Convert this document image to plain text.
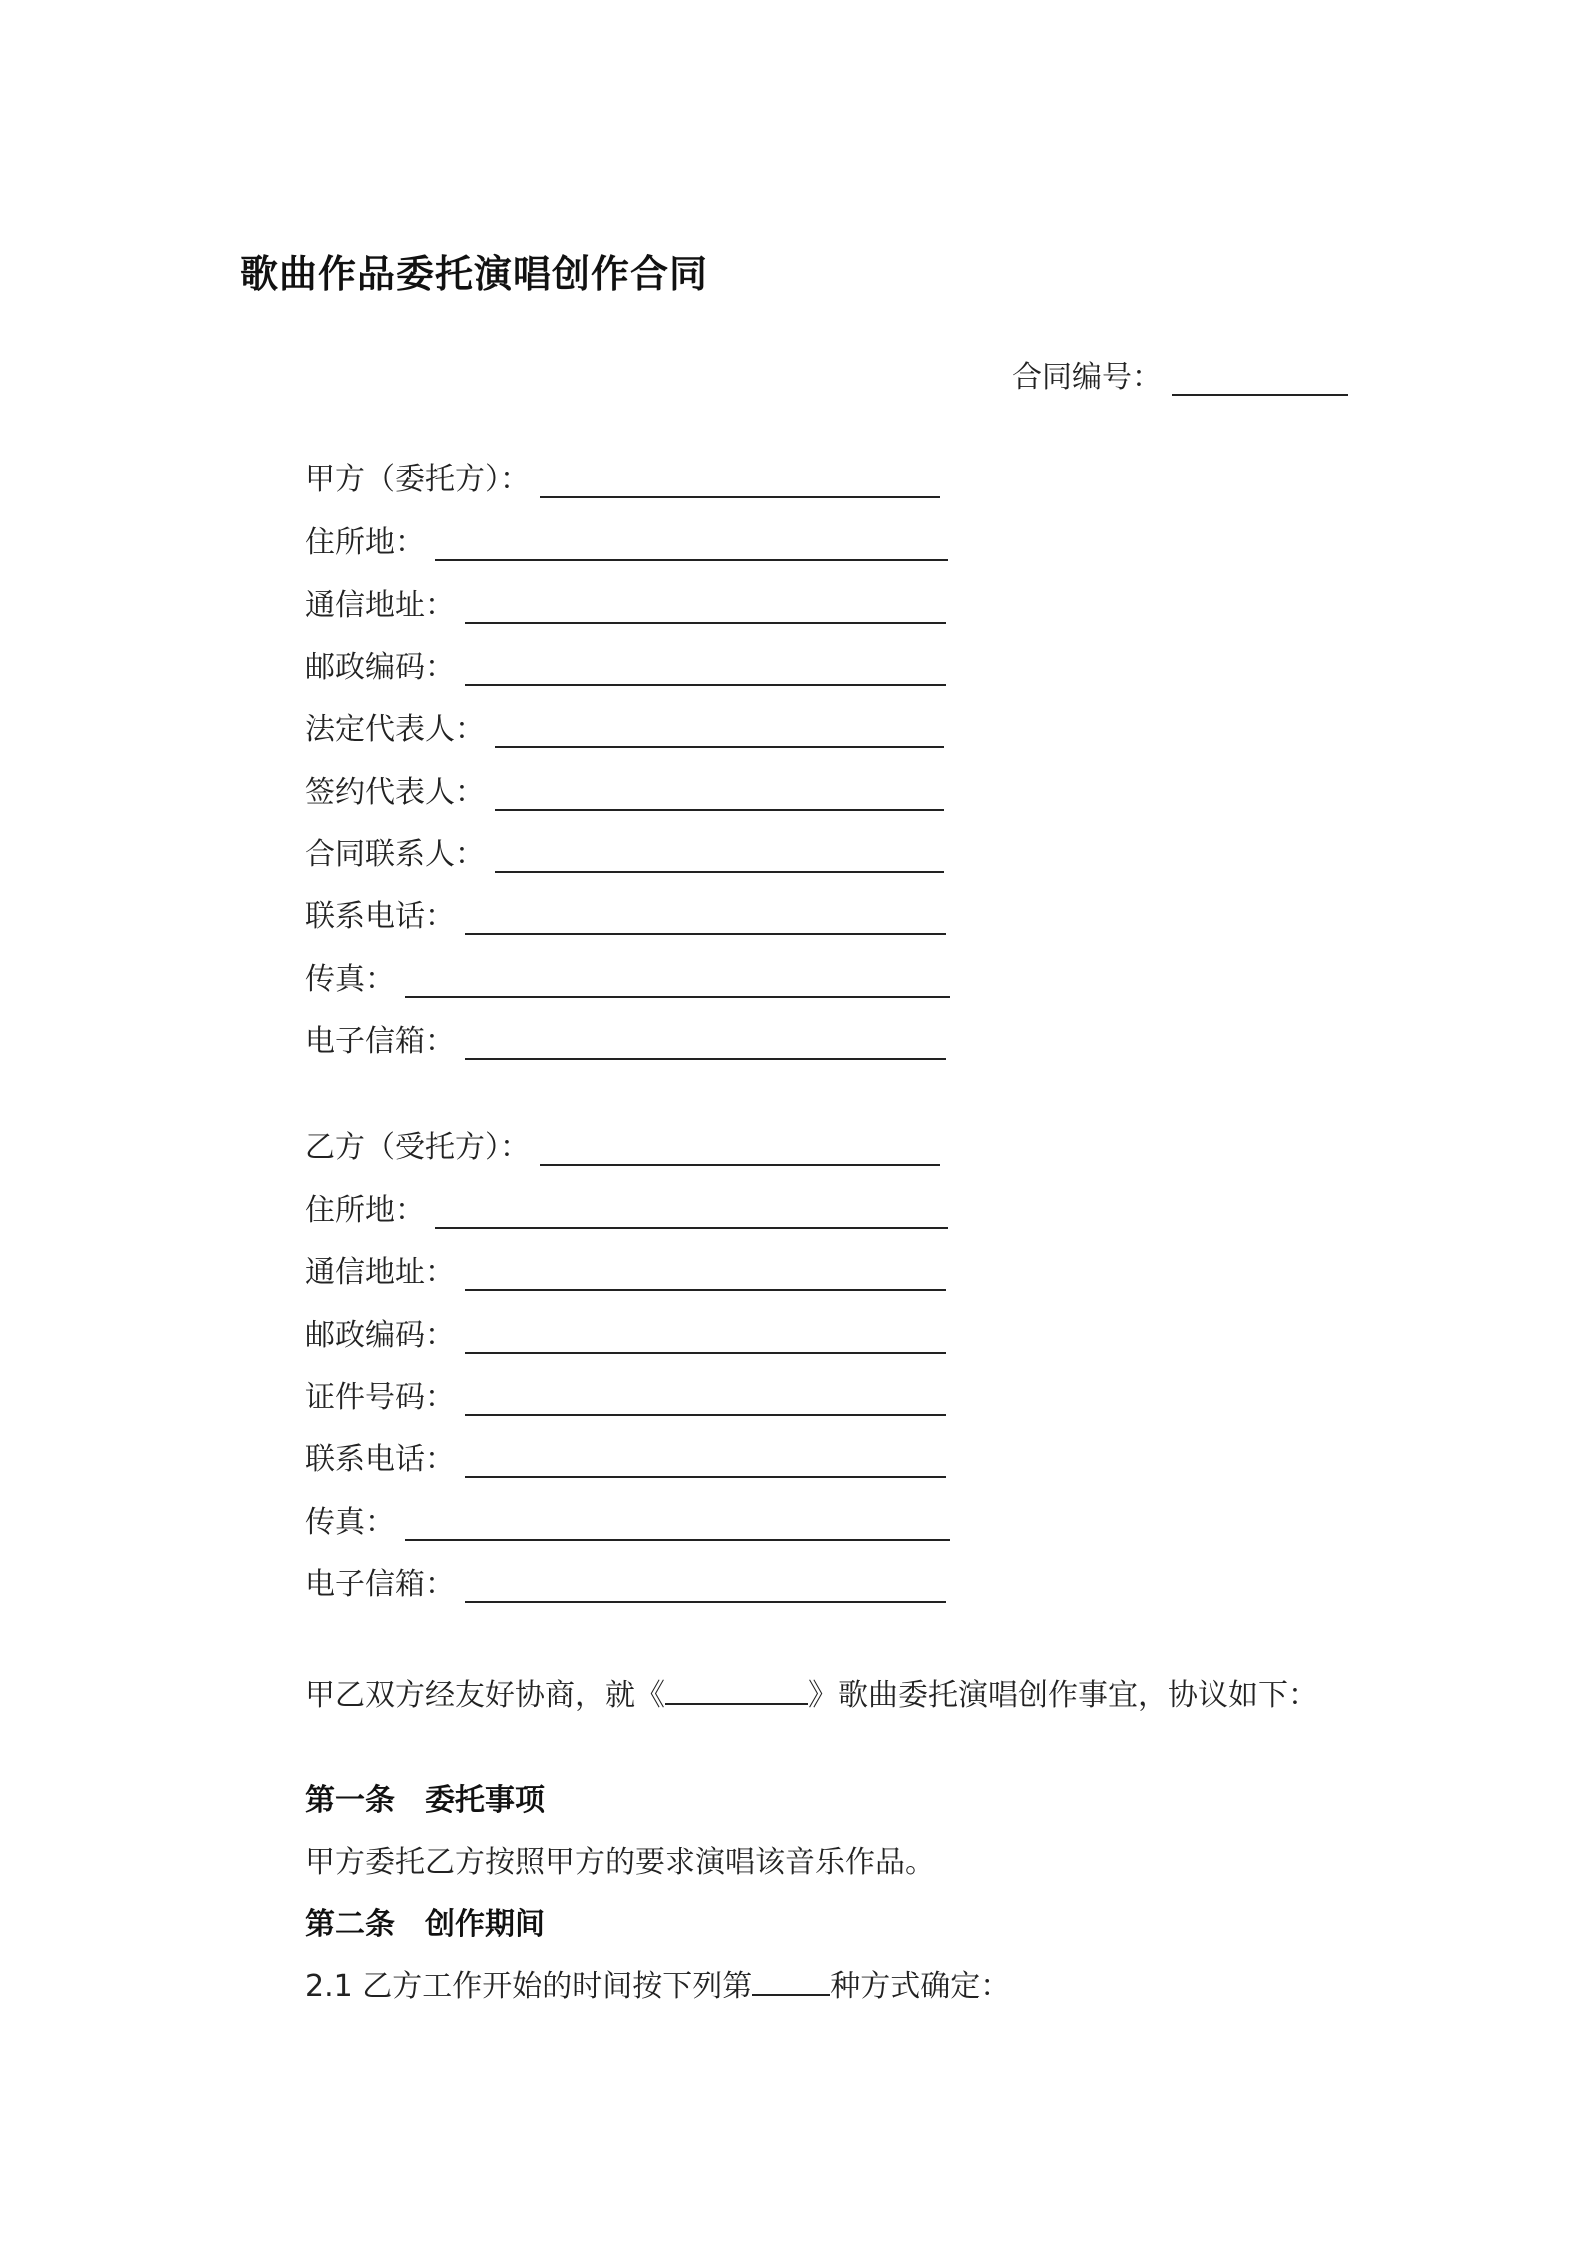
歌曲作品委托演唱创作合同
合同编号：
甲方（委托方）：
住所地：
通信地址：
邮政编码：
法定代表人：
签约代表人：
合同联系人：
联系电话：
传真：
电子信箱：
乙方（受托方）：
住所地：
通信地址：
邮政编码：
证件号码：
联系电话：
传真：
电子信箱：
甲乙双方经友好协商，就《	》歌曲委托演唱创作事宜，协议如下：
第一条 委托事项
甲方委托乙方按照甲方的要求演唱该音乐作品。
第二条 创作期间
2.1 乙方工作开始的时间按下列第	种方式确定：
